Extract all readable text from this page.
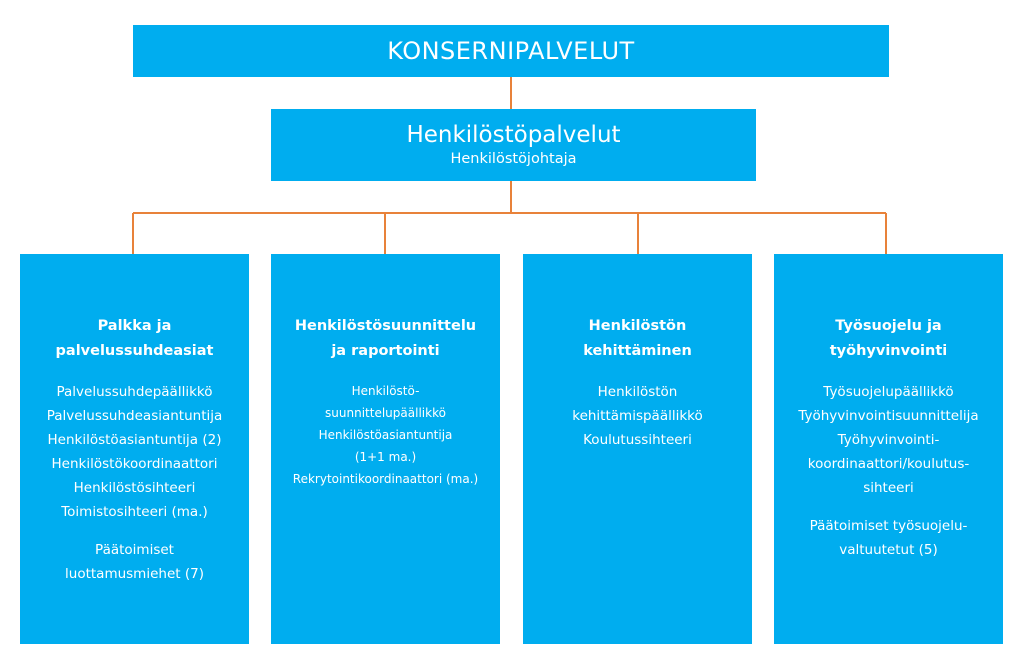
KONSERNIPALVELUT
Henkilöstöpalvelut
Henkilöstöjohtaja
Palkka ja
palvelussuhdeasiat
Palvelussuhdepäällikkö
Palvelussuhdeasiantuntija
Henkilöstöasiantuntija (2)
Henkilöstökoordinaattori
Henkilöstösihteeri
Toimistosihteeri (ma.)
Päätoimiset
luottamusmiehet (7)
Henkilöstösuunnittelu
ja raportointi
Henkilöstö-
suunnittelupäällikkö
Henkilöstöasiantuntija
(1+1 ma.)
Rekrytointikoordinaattori (ma.)
Henkilöstön
kehittäminen
Henkilöstön
kehittämispäällikkö
Koulutussihteeri
Työsuojelu ja
työhyvinvointi
Työsuojelupäällikkö
Työhyvinvointisuunnittelija
Työhyvinvointi-
koordinaattori/koulutus-
sihteeri
Päätoimiset työsuojelu-
valtuutetut (5)
